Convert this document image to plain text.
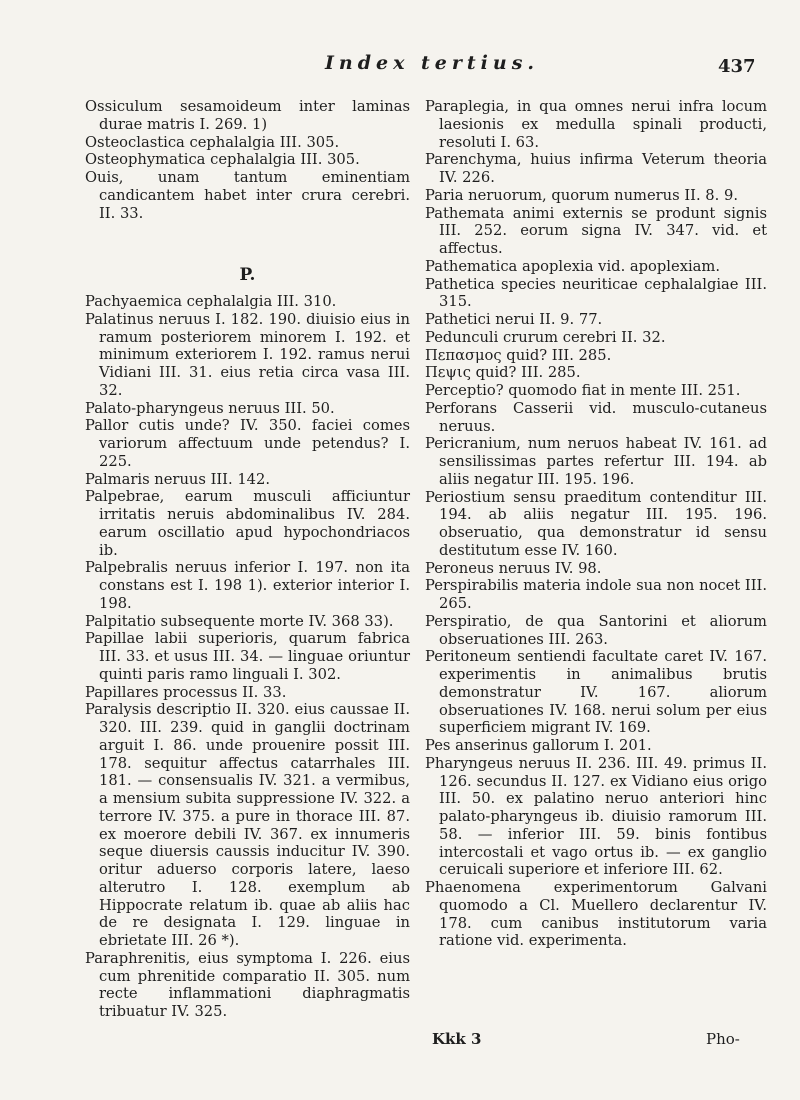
Index tertius.	437

Ossiculum sesamoideum inter laminas durae matris I. 269. 1)

Osteoclastica cephalalgia III. 305.

Osteophymatica cephalalgia III. 305.

Ouis, unam tantum eminentiam candicantem habet inter crura cerebri. II. 33.

P.

Pachyaemica cephalalgia III. 310.

Palatinus neruus I. 182. 190. diuisio eius in ramum posteriorem minorem I. 192. et minimum exteriorem I. 192. ramus nerui Vidiani III. 31. eius retia circa vasa III. 32.

Palato-pharyngeus neruus III. 50.

Pallor cutis unde? IV. 350. faciei comes variorum affectuum unde petendus? I. 225.

Palmaris neruus III. 142.

Palpebrae, earum musculi afficiuntur irritatis neruis abdominalibus IV. 284. earum oscillatio apud hypochondriacos ib.

Palpebralis neruus inferior I. 197. non ita constans est I. 198 1). exterior interior I. 198.

Palpitatio subsequente morte IV. 368 33).

Papillae labii superioris, quarum fabrica III. 33. et usus III. 34. — linguae oriuntur quinti paris ramo linguali I. 302.

Papillares processus II. 33.

Paralysis descriptio II. 320. eius caussae II. 320. III. 239. quid in ganglii doctrinam arguit I. 86. unde prouenire possit III. 178. sequitur affectus catarrhales III. 181. — consensualis IV. 321. a vermibus, a mensium subita suppressione IV. 322. a terrore IV. 375. a pure in thorace III. 87. ex moerore debili IV. 367. ex innumeris seque diuersis caussis inducitur IV. 390. oritur aduerso corporis latere, laeso alterutro I. 128. exemplum ab Hippocrate relatum ib. quae ab aliis hac de re designata I. 129. linguae in ebrietate III. 26 *).

Paraphrenitis, eius symptoma I. 226. eius cum phrenitide comparatio II. 305. num recte inflammationi diaphragmatis tribuatur IV. 325.

Paraplegia, in qua omnes nerui infra locum laesionis ex medulla spinali producti, resoluti I. 63.

Parenchyma, huius infirma Veterum theoria IV. 226.

Paria neruorum, quorum numerus II. 8. 9.

Pathemata animi externis se produnt signis III. 252. eorum signa IV. 347. vid. et affectus.

Pathematica apoplexia vid. apoplexiam.

Pathetica species neuriticae cephalalgiae III. 315.

Pathetici nerui II. 9. 77.

Pedunculi crurum cerebri II. 32.

Πεπασμος quid? III. 285.

Πεψις quid? III. 285.

Perceptio? quomodo fiat in mente III. 251.

Perforans Casserii vid. musculo-cutaneus neruus.

Pericranium, num neruos habeat IV. 161. ad sensilissimas partes refertur III. 194. ab aliis negatur III. 195. 196.

Periostium sensu praeditum contenditur III. 194. ab aliis negatur III. 195. 196. obseruatio, qua demonstratur id sensu destitutum esse IV. 160.

Peroneus neruus IV. 98.

Perspirabilis materia indole sua non nocet III. 265.

Perspiratio, de qua Santorini et aliorum obseruationes III. 263.

Peritoneum sentiendi facultate caret IV. 167. experimentis in animalibus brutis demonstratur IV. 167. aliorum obseruationes IV. 168. nerui solum per eius superficiem migrant IV. 169.

Pes anserinus gallorum I. 201.

Pharyngeus neruus II. 236. III. 49. primus II. 126. secundus II. 127. ex Vidiano eius origo III. 50. ex palatino neruo anteriori hinc palato-pharyngeus ib. diuisio ramorum III. 58. — inferior III. 59. binis fontibus intercostali et vago ortus ib. — ex ganglio ceruicali superiore et inferiore III. 62.

Phaenomena experimentorum Galvani quomodo a Cl. Muellero declarentur IV. 178. cum canibus institutorum varia ratione vid. experimenta.

Kkk 3	Pho-
